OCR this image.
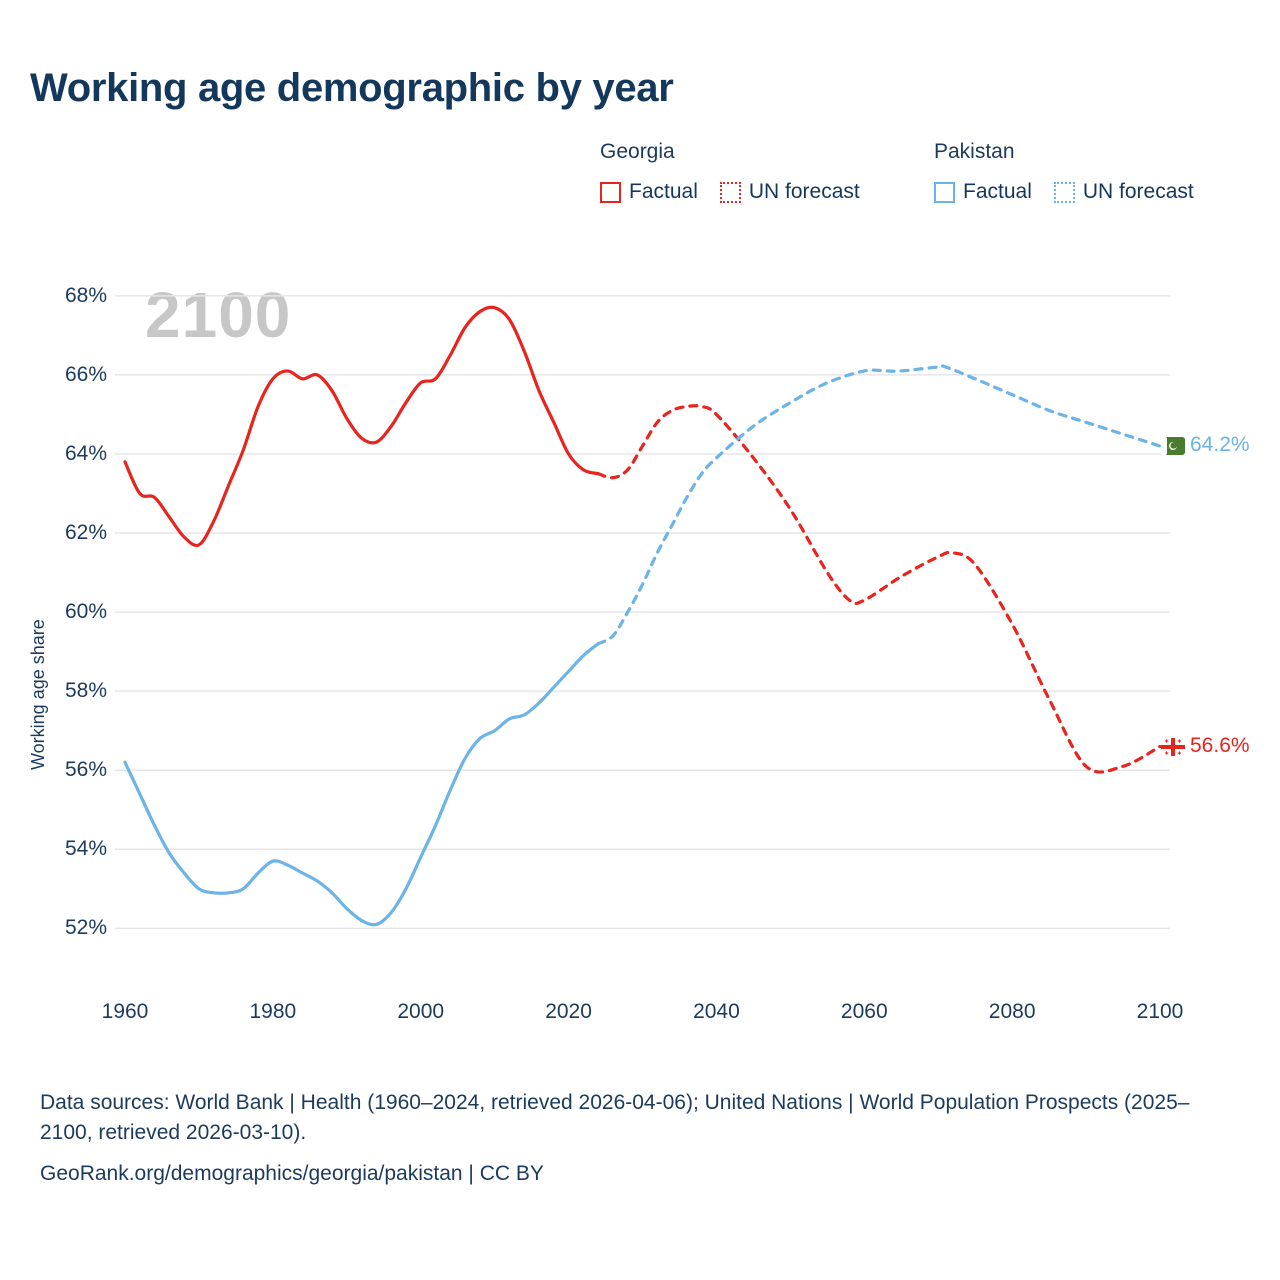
Working age demographic by year
Georgia
Factual UN forecast
Pakistan
Factual UN forecast
Working age share
2100
52%
54%
56%
58%
60%
62%
64%
66%
68%
1960	1980	2000	2020	2040	2060	2080	2100
64.2%
56.6%
Data sources: World Bank | Health (1960–2024, retrieved 2026-04-06); United Nations | World Population Prospects (2025–2100, retrieved 2026-03-10).
GeoRank.org/demographics/georgia/pakistan | CC BY
